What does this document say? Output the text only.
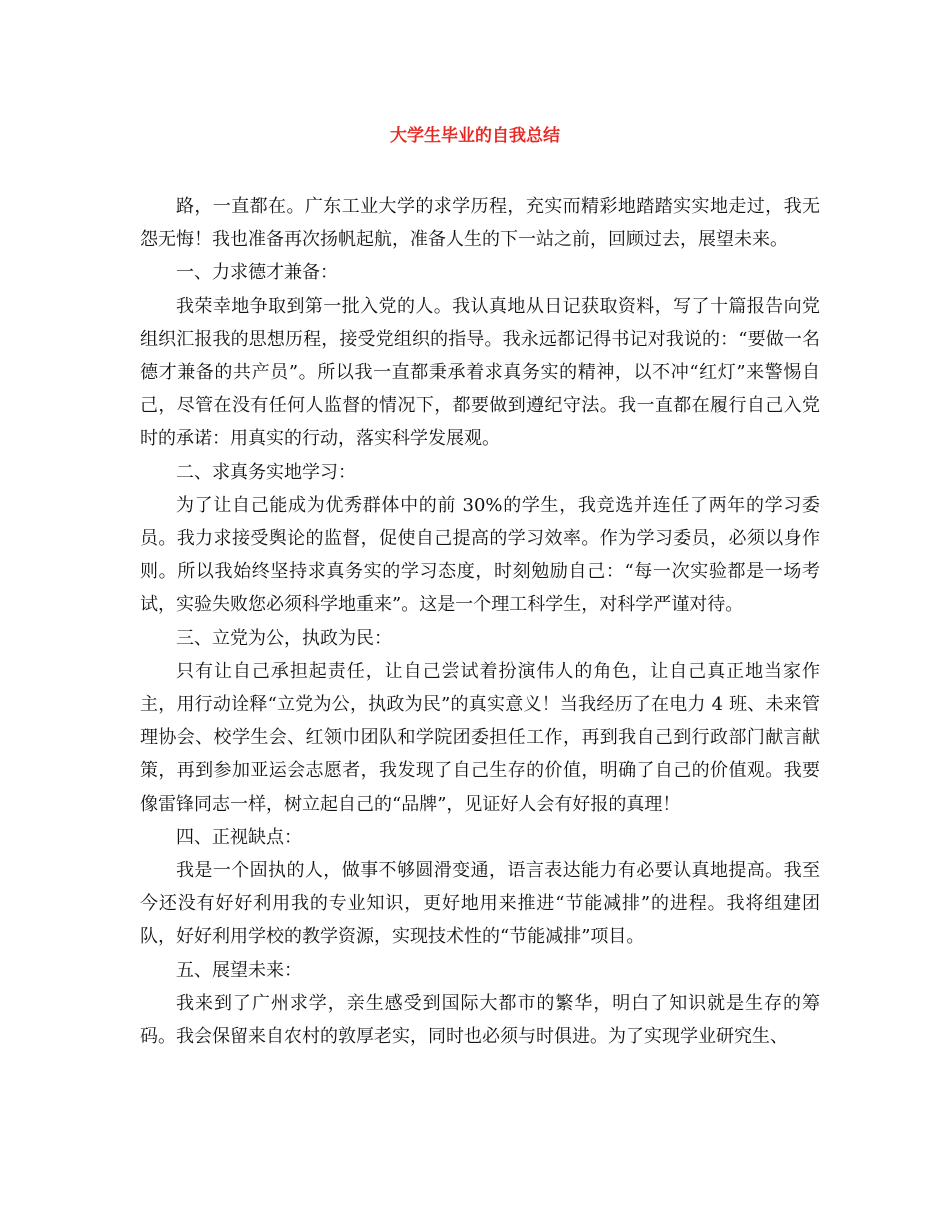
大学生毕业的自我总结

路，一直都在。广东工业大学的求学历程，充实而精彩地踏踏实实地走过，我无怨无悔！我也准备再次扬帆起航，准备人生的下一站之前，回顾过去，展望未来。

一、力求德才兼备：

我荣幸地争取到第一批入党的人。我认真地从日记获取资料，写了十篇报告向党组织汇报我的思想历程，接受党组织的指导。我永远都记得书记对我说的：“要做一名德才兼备的共产员”。所以我一直都秉承着求真务实的精神，以不冲“红灯”来警惕自己，尽管在没有任何人监督的情况下，都要做到遵纪守法。我一直都在履行自己入党时的承诺：用真实的行动，落实科学发展观。

二、求真务实地学习：

为了让自己能成为优秀群体中的前 30%的学生，我竞选并连任了两年的学习委员。我力求接受舆论的监督，促使自己提高的学习效率。作为学习委员，必须以身作则。所以我始终坚持求真务实的学习态度，时刻勉励自己：“每一次实验都是一场考试，实验失败您必须科学地重来”。这是一个理工科学生，对科学严谨对待。

三、立党为公，执政为民：

只有让自己承担起责任，让自己尝试着扮演伟人的角色，让自己真正地当家作主，用行动诠释“立党为公，执政为民”的真实意义！当我经历了在电力 4 班、未来管理协会、校学生会、红领巾团队和学院团委担任工作，再到我自己到行政部门献言献策，再到参加亚运会志愿者，我发现了自己生存的价值，明确了自己的价值观。我要像雷锋同志一样，树立起自己的“品牌”，见证好人会有好报的真理！

四、正视缺点：

我是一个固执的人，做事不够圆滑变通，语言表达能力有必要认真地提高。我至今还没有好好利用我的专业知识，更好地用来推进“节能减排”的进程。我将组建团队，好好利用学校的教学资源，实现技术性的“节能减排”项目。

五、展望未来：

我来到了广州求学，亲生感受到国际大都市的繁华，明白了知识就是生存的筹码。我会保留来自农村的敦厚老实，同时也必须与时俱进。为了实现学业研究生、
